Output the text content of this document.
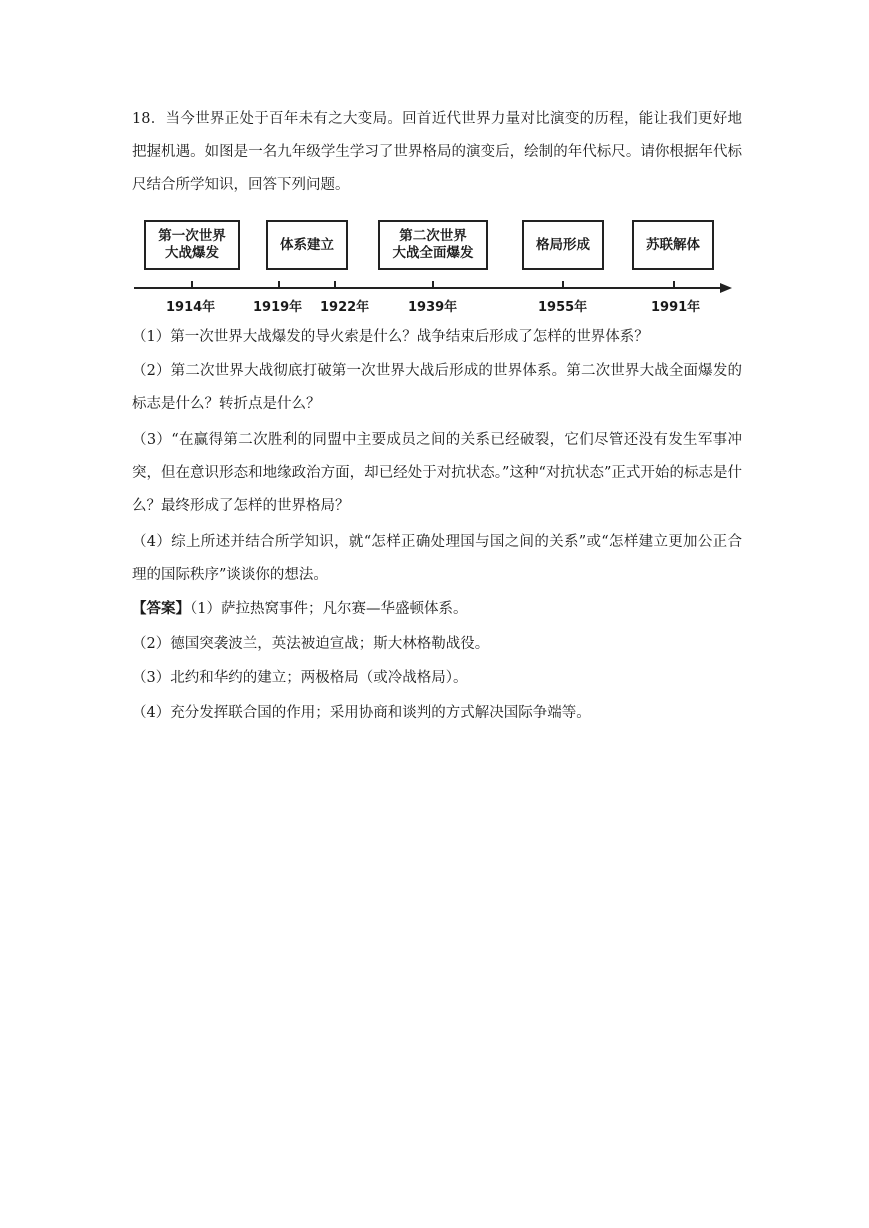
18．当今世界正处于百年未有之大变局。回首近代世界力量对比演变的历程，能让我们更好地把握机遇。如图是一名九年级学生学习了世界格局的演变后，绘制的年代标尺。请你根据年代标尺结合所学知识，回答下列问题。

第一次世界
大战爆发
体系建立
第二次世界
大战全面爆发
格局形成	苏联解体
1914年	1919年 1922年	1939年	1955年	1991年

（1）第一次世界大战爆发的导火索是什么？战争结束后形成了怎样的世界体系？

（2）第二次世界大战彻底打破第一次世界大战后形成的世界体系。第二次世界大战全面爆发的标志是什么？转折点是什么？

（3）“在赢得第二次胜利的同盟中主要成员之间的关系已经破裂，它们尽管还没有发生军事冲突，但在意识形态和地缘政治方面，却已经处于对抗状态。”这种“对抗状态”正式开始的标志是什么？最终形成了怎样的世界格局？

（4）综上所述并结合所学知识，就“怎样正确处理国与国之间的关系”或“怎样建立更加公正合理的国际秩序”谈谈你的想法。

【答案】（1）萨拉热窝事件；凡尔赛—华盛顿体系。

（2）德国突袭波兰，英法被迫宣战；斯大林格勒战役。

（3）北约和华约的建立；两极格局（或冷战格局）。

（4）充分发挥联合国的作用；采用协商和谈判的方式解决国际争端等。
